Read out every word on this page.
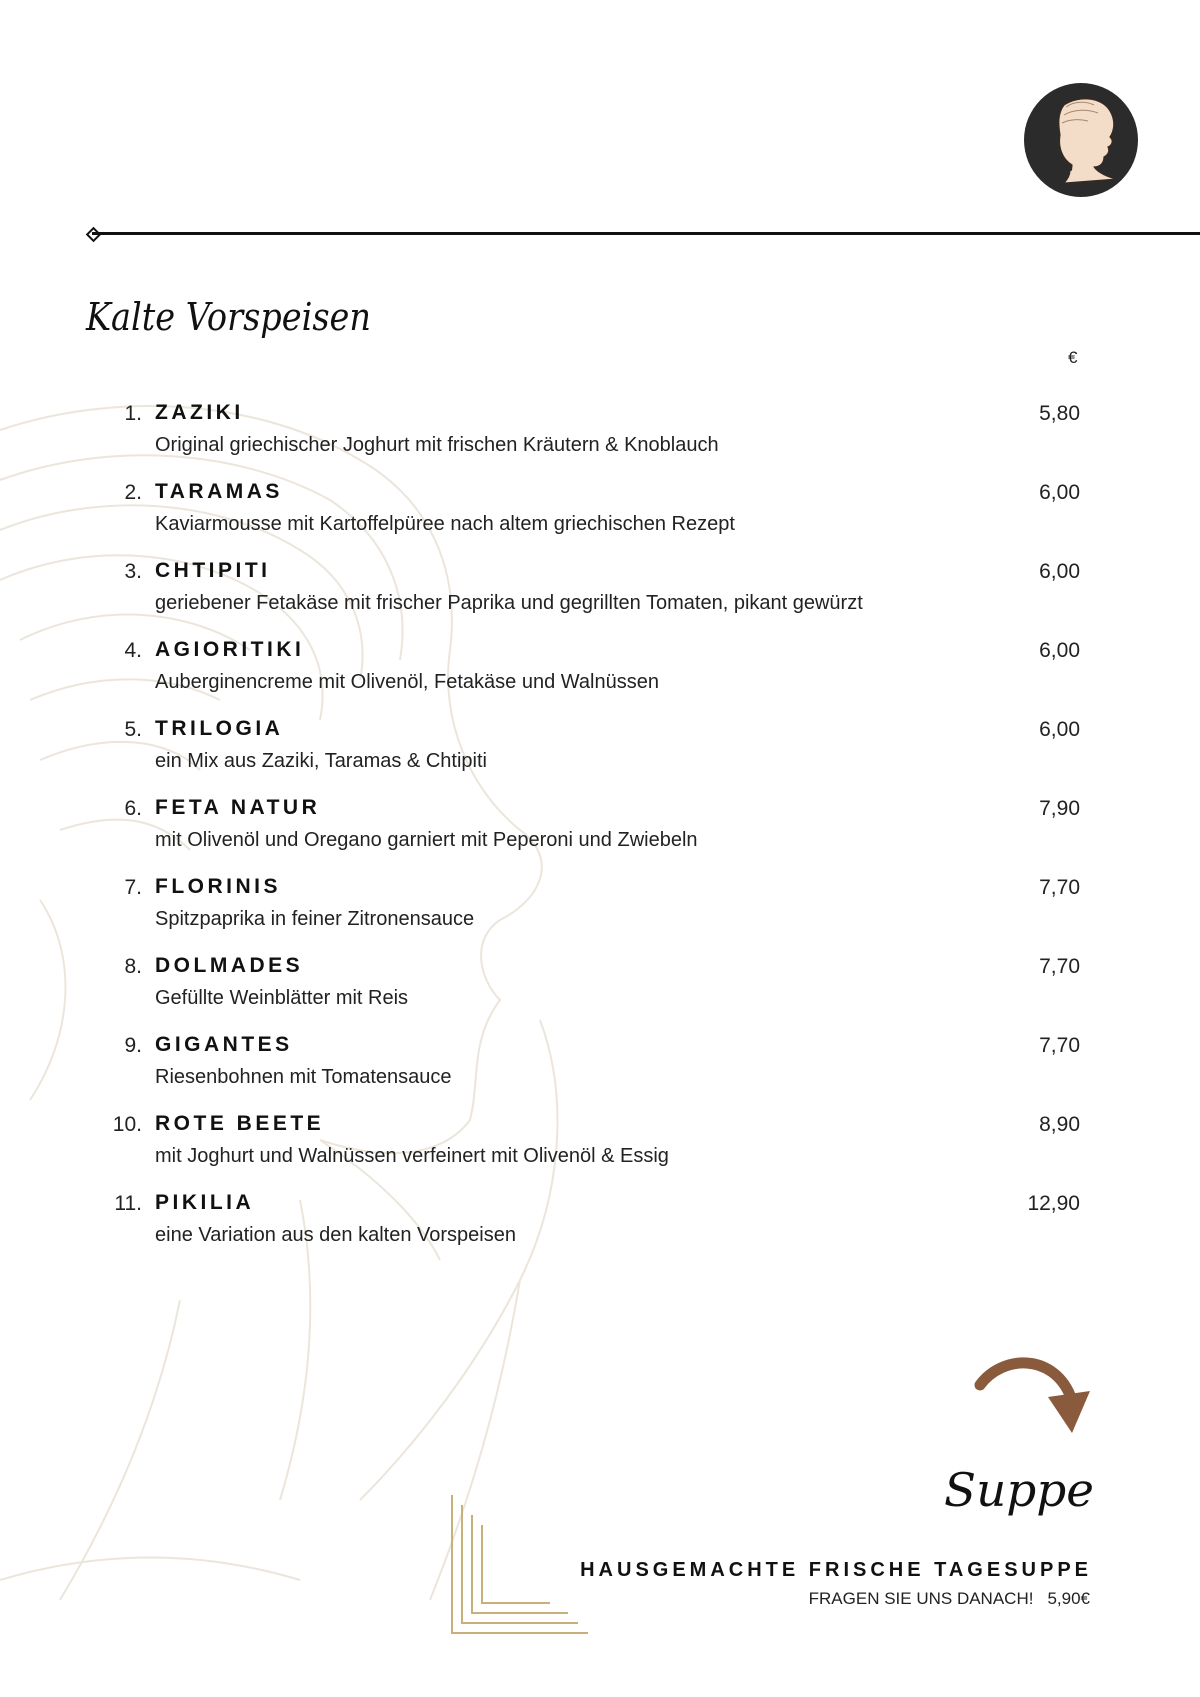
Kalte Vorspeisen
€
1. ZAZIKI
Original griechischer Joghurt mit frischen Kräutern & Knoblauch
5,80
2. TARAMAS
Kaviarmousse mit Kartoffelpüree nach altem griechischen Rezept
6,00
3. CHTIPITI
geriebener Fetakäse mit frischer Paprika und gegrillten Tomaten, pikant gewürzt
6,00
4. AGIORITIKI
Auberginencreme mit Olivenöl, Fetakäse und Walnüssen
6,00
5. TRILOGIA
ein Mix aus Zaziki, Taramas & Chtipiti
6,00
6. FETA NATUR
mit Olivenöl und Oregano garniert mit Peperoni und Zwiebeln
7,90
7. FLORINIS
Spitzpaprika in feiner Zitronensauce
7,70
8. DOLMADES
Gefüllte Weinblätter mit Reis
7,70
9. GIGANTES
Riesenbohnen mit Tomatensauce
7,70
10. ROTE BEETE
mit Joghurt und Walnüssen verfeinert mit Olivenöl & Essig
8,90
11. PIKILIA
eine Variation aus den kalten Vorspeisen
12,90
Suppe
HAUSGEMACHTE FRISCHE TAGESUPPE
FRAGEN SIE UNS DANACH! 5,90€
